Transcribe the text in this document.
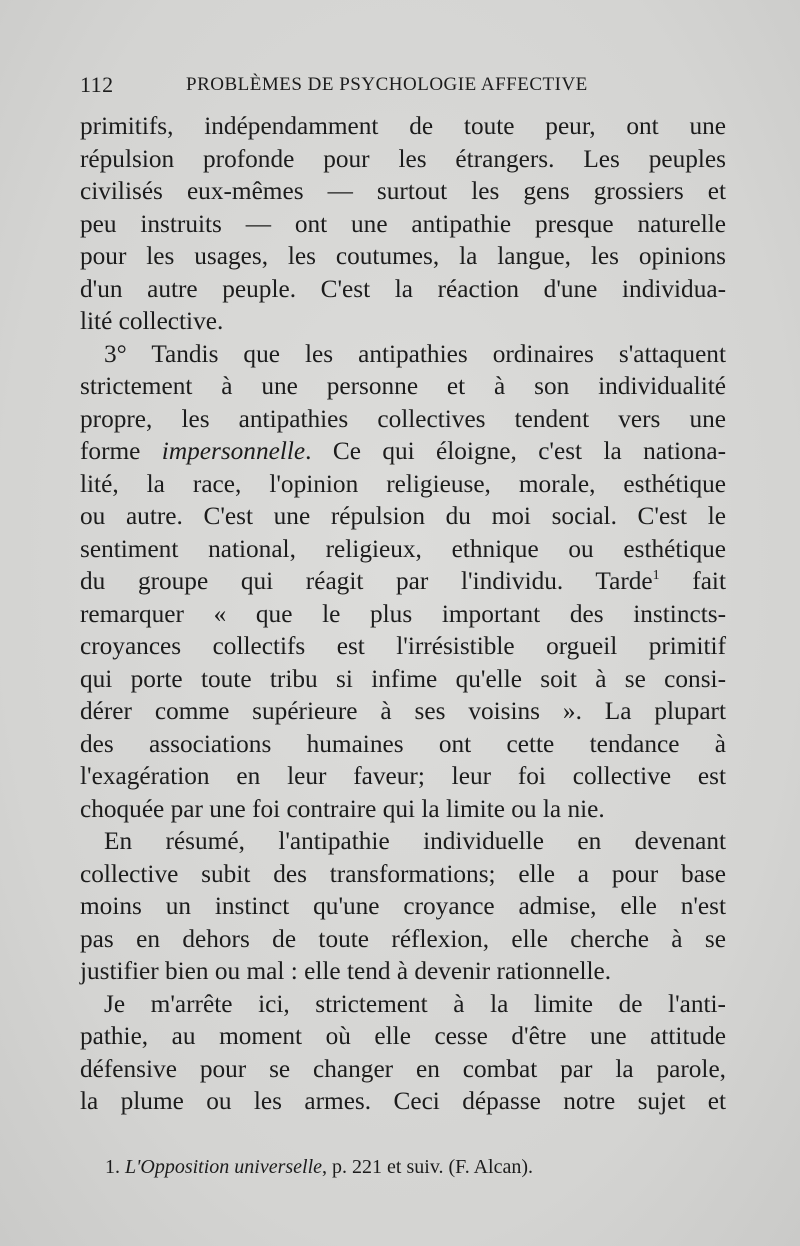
112	PROBLÈMES DE PSYCHOLOGIE AFFECTIVE
primitifs, indépendamment de toute peur, ont une
répulsion profonde pour les étrangers. Les peuples
civilisés eux-mêmes — surtout les gens grossiers et
peu instruits — ont une antipathie presque naturelle
pour les usages, les coutumes, la langue, les opinions
d'un autre peuple. C'est la réaction d'une individua-
lité collective.
3° Tandis que les antipathies ordinaires s'attaquent
strictement à une personne et à son individualité
propre, les antipathies collectives tendent vers une
forme impersonnelle. Ce qui éloigne, c'est la nationa-
lité, la race, l'opinion religieuse, morale, esthétique
ou autre. C'est une répulsion du moi social. C'est le
sentiment national, religieux, ethnique ou esthétique
du groupe qui réagit par l'individu. Tarde$^1$ fait
remarquer « que le plus important des instincts-
croyances collectifs est l'irrésistible orgueil primitif
qui porte toute tribu si infime qu'elle soit à se consi-
dérer comme supérieure à ses voisins ». La plupart
des associations humaines ont cette tendance à
l'exagération en leur faveur; leur foi collective est
choquée par une foi contraire qui la limite ou la nie.
En résumé, l'antipathie individuelle en devenant
collective subit des transformations; elle a pour base
moins un instinct qu'une croyance admise, elle n'est
pas en dehors de toute réflexion, elle cherche à se
justifier bien ou mal : elle tend à devenir rationnelle.
Je m'arrête ici, strictement à la limite de l'anti-
pathie, au moment où elle cesse d'être une attitude
défensive pour se changer en combat par la parole,
la plume ou les armes. Ceci dépasse notre sujet et
1. L'Opposition universelle, p. 221 et suiv. (F. Alcan).
